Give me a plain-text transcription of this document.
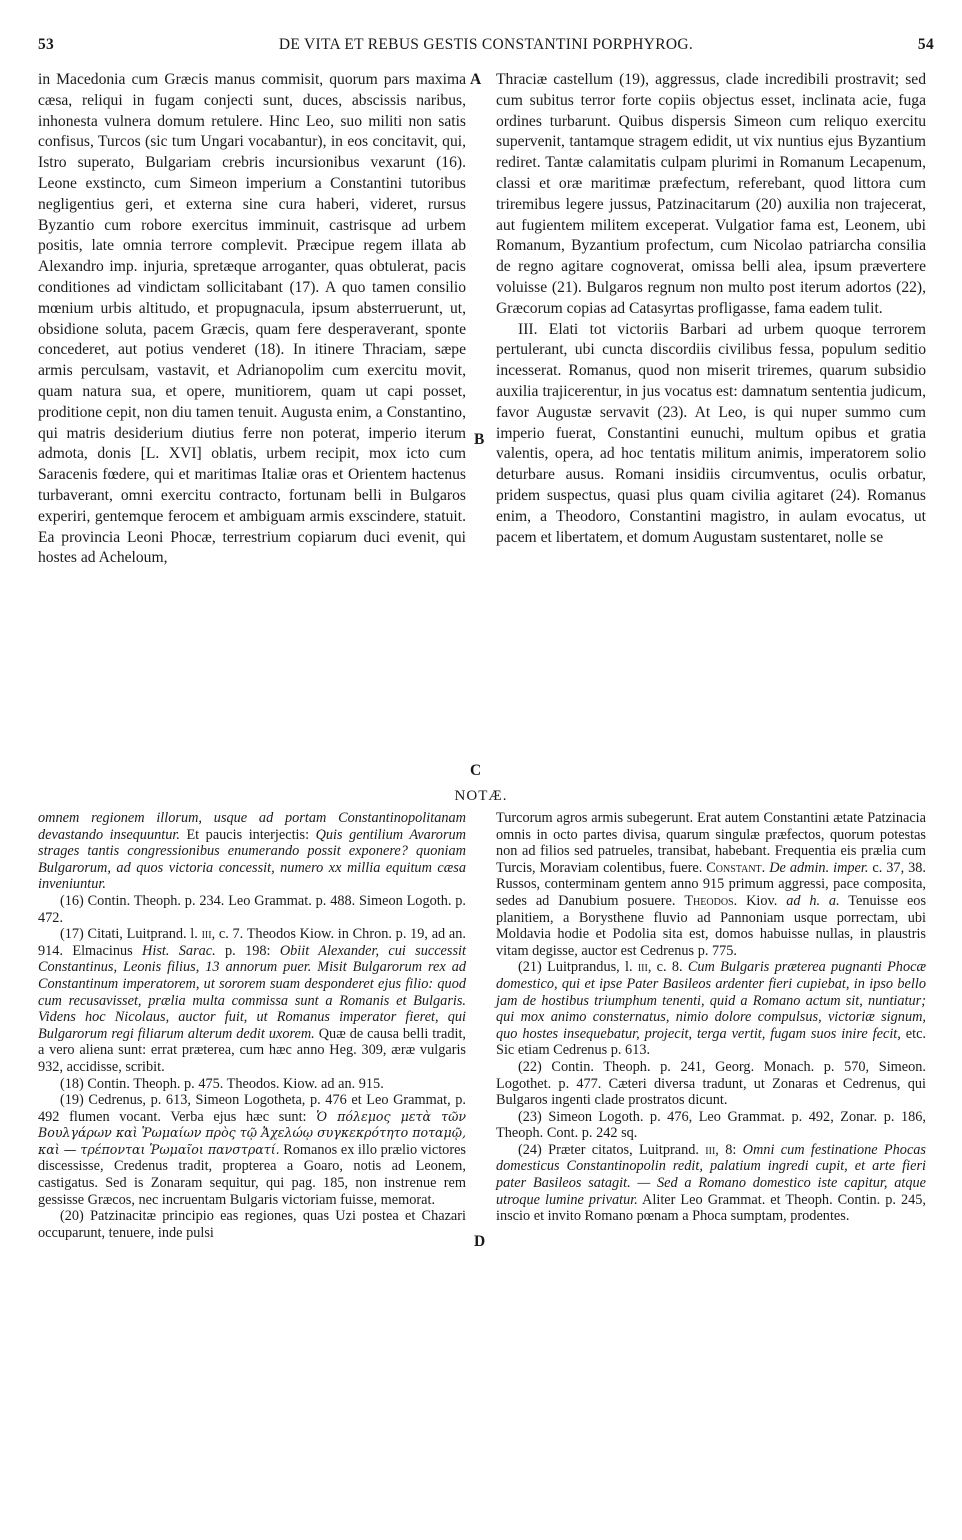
53	DE VITA ET REBUS GESTIS CONSTANTINI PORPHYROG.	54
A
B
C
D

in Macedonia cum Græcis manus commisit, quorum pars maxima cæsa, reliqui in fugam conjecti sunt, duces, abscissis naribus, inhonesta vulnera domum retulere. Hinc Leo, suo militi non satis confisus, Turcos (sic tum Ungari vocabantur), in eos concitavit, qui, Istro superato, Bulgariam crebris incursionibus vexarunt (16). Leone exstincto, cum Simeon imperium a Constantini tutoribus negligentius geri, et externa sine cura haberi, videret, rursus Byzantio cum robore exercitus imminuit, castrisque ad urbem positis, late omnia terrore complevit. Præcipue regem illata ab Alexandro imp. injuria, spretæque arroganter, quas obtulerat, pacis conditiones ad vindictam sollicitabant (17). A quo tamen consilio mœnium urbis altitudo, et propugnacula, ipsum absterruerunt, ut, obsidione soluta, pacem Græcis, quam fere desperaverant, sponte concederet, aut potius venderet (18). In itinere Thraciam, sæpe armis perculsam, vastavit, et Adrianopolim cum exercitu movit, quam natura sua, et opere, munitiorem, quam ut capi posset, proditione cepit, non diu tamen tenuit. Augusta enim, a Constantino, qui matris desiderium diutius ferre non poterat, imperio iterum admota, donis [L. XVI] oblatis, urbem recipit, mox icto cum Saracenis fœdere, qui et maritimas Italiæ oras et Orientem hactenus turbaverant, omni exercitu contracto, fortunam belli in Bulgaros experiri, gentemque ferocem et ambiguam armis exscindere, statuit. Ea provincia Leoni Phocæ, terrestrium copiarum duci evenit, qui hostes ad Acheloum,

Thraciæ castellum (19), aggressus, clade incredibili prostravit; sed cum subitus terror forte copiis objectus esset, inclinata acie, fuga ordines turbarunt. Quibus dispersis Simeon cum reliquo exercitu supervenit, tantamque stragem edidit, ut vix nuntius ejus Byzantium rediret. Tantæ calamitatis culpam plurimi in Romanum Lecapenum, classi et oræ maritimæ præfectum, referebant, quod littora cum triremibus legere jussus, Patzinacitarum (20) auxilia non trajecerat, aut fugientem militem exceperat. Vulgatior fama est, Leonem, ubi Romanum, Byzantium profectum, cum Nicolao patriarcha consilia de regno agitare cognoverat, omissa belli alea, ipsum prævertere voluisse (21). Bulgaros regnum non multo post iterum adortos (22), Græcorum copias ad Catasyrtas profligasse, fama eadem tulit.

III. Elati tot victoriis Barbari ad urbem quoque terrorem pertulerant, ubi cuncta discordiis civilibus fessa, populum seditio incesserat. Romanus, quod non miserit triremes, quarum subsidio auxilia trajicerentur, in jus vocatus est: damnatum sententia judicum, favor Augustæ servavit (23). At Leo, is qui nuper summo cum imperio fuerat, Constantini eunuchi, multum opibus et gratia valentis, opera, ad hoc tentatis militum animis, imperatorem solio deturbare ausus. Romani insidiis circumventus, oculis orbatur, pridem suspectus, quasi plus quam civilia agitaret (24). Romanus enim, a Theodoro, Constantini magistro, in aulam evocatus, ut pacem et libertatem, et domum Augustam sustentaret, nolle se

NOTÆ.

omnem regionem illorum, usque ad portam Constantinopolitanam devastando insequuntur. Et paucis interjectis: Quis gentilium Avarorum strages tantis congressionibus enumerando possit exponere? quoniam Bulgarorum, ad quos victoria concessit, numero xx millia equitum cæsa inveniuntur.

(16) Contin. Theoph. p. 234. Leo Grammat. p. 488. Simeon Logoth. p. 472.

(17) Citati, Luitprand. l. iii, c. 7. Theodos Kiow. in Chron. p. 19, ad an. 914. Elmacinus Hist. Sarac. p. 198: Obiit Alexander, cui successit Constantinus, Leonis filius, 13 annorum puer. Misit Bulgarorum rex ad Constantinum imperatorem, ut sororem suam desponderet ejus filio: quod cum recusavisset, prælia multa commissa sunt a Romanis et Bulgaris. Videns hoc Nicolaus, auctor fuit, ut Romanus imperator fieret, qui Bulgarorum regi filiarum alterum dedit uxorem. Quæ de causa belli tradit, a vero aliena sunt: errat præterea, cum hæc anno Heg. 309, æræ vulgaris 932, accidisse, scribit.

(18) Contin. Theoph. p. 475. Theodos. Kiow. ad an. 915.

(19) Cedrenus, p. 613, Simeon Logotheta, p. 476 et Leo Grammat, p. 492 flumen vocant. Verba ejus hæc sunt: Ὁ πόλεμος μετὰ τῶν Βουλγάρων καὶ Ῥωμαίων πρὸς τῷ Ἀχελώῳ συγκεκρότητο ποταμῷ, καὶ — τρέπονται Ῥωμαῖοι πανστρατί. Romanos ex illo prælio victores discessisse, Credenus tradit, propterea a Goaro, notis ad Leonem, castigatus. Sed is Zonaram sequitur, qui pag. 185, non instrenue rem gessisse Græcos, nec incruentam Bulgaris victoriam fuisse, memorat.

(20) Patzinacitæ principio eas regiones, quas Uzi postea et Chazari occuparunt, tenuere, inde pulsi

Turcorum agros armis subegerunt. Erat autem Constantini ætate Patzinacia omnis in octo partes divisa, quarum singulæ præfectos, quorum potestas non ad filios sed patrueles, transibat, habebant. Frequentia eis prælia cum Turcis, Moraviam colentibus, fuere. Constant. De admin. imper. c. 37, 38. Russos, conterminam gentem anno 915 primum aggressi, pace composita, sedes ad Danubium posuere. Theodos. Kiov. ad h. a. Tenuisse eos planitiem, a Borysthene fluvio ad Pannoniam usque porrectam, ubi Moldavia hodie et Podolia sita est, domos habuisse nullas, in plaustris vitam degisse, auctor est Cedrenus p. 775.

(21) Luitprandus, l. iii, c. 8. Cum Bulgaris præterea pugnanti Phocæ domestico, qui et ipse Pater Basileos ardenter fieri cupiebat, in ipso bello jam de hostibus triumphum tenenti, quid a Romano actum sit, nuntiatur; qui mox animo consternatus, nimio dolore compulsus, victoriæ signum, quo hostes insequebatur, projecit, terga vertit, fugam suos inire fecit, etc. Sic etiam Cedrenus p. 613.

(22) Contin. Theoph. p. 241, Georg. Monach. p. 570, Simeon. Logothet. p. 477. Cæteri diversa tradunt, ut Zonaras et Cedrenus, qui Bulgaros ingenti clade prostratos dicunt.

(23) Simeon Logoth. p. 476, Leo Grammat. p. 492, Zonar. p. 186, Theoph. Cont. p. 242 sq.

(24) Præter citatos, Luitprand. iii, 8: Omni cum festinatione Phocas domesticus Constantinopolin redit, palatium ingredi cupit, et arte fieri pater Basileos satagit. — Sed a Romano domestico iste capitur, atque utroque lumine privatur. Aliter Leo Grammat. et Theoph. Contin. p. 245, inscio et invito Romano pœnam a Phoca sumptam, prodentes.
